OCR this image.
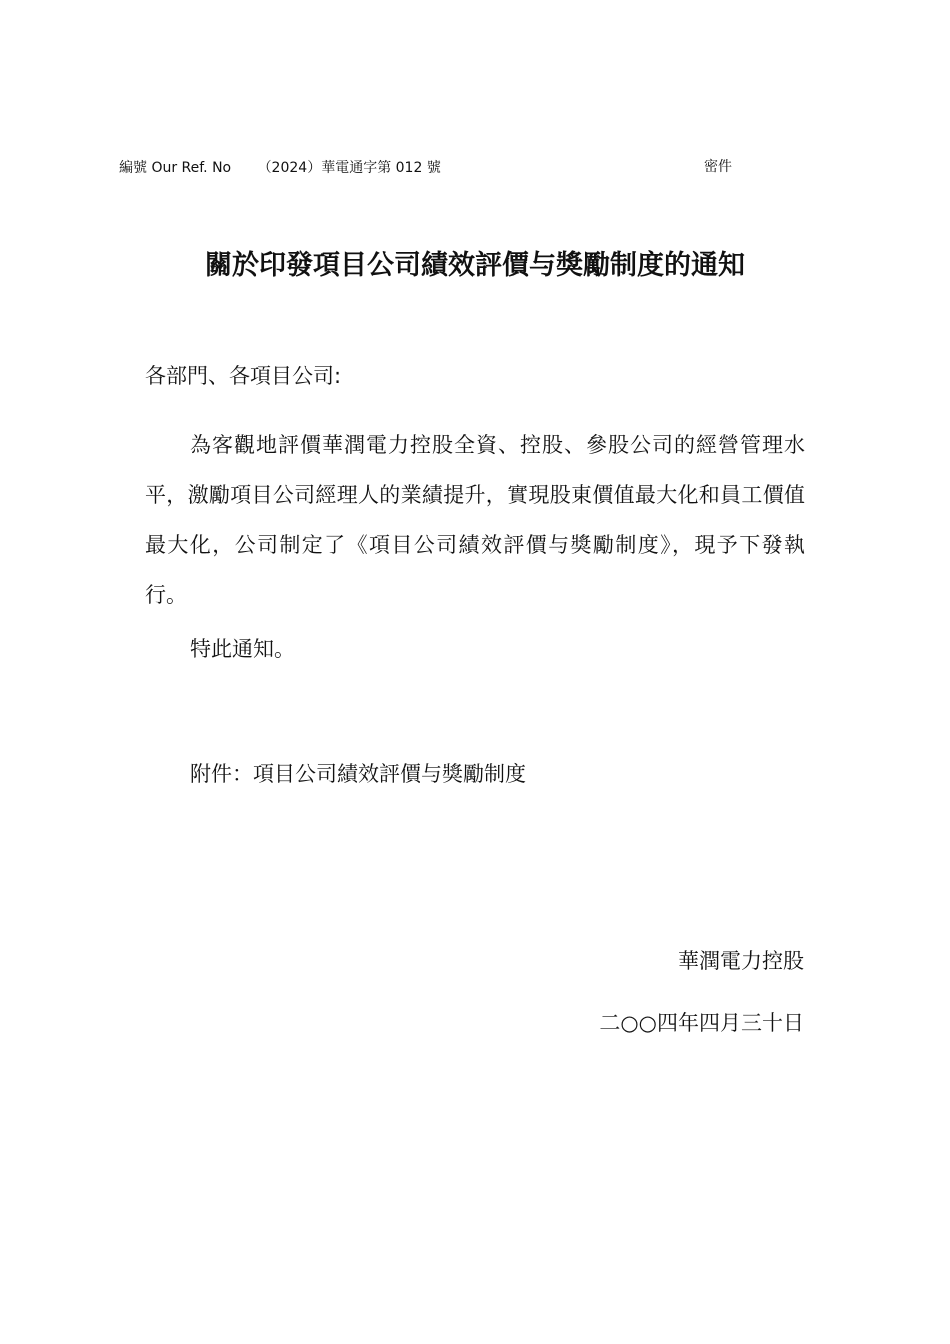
編號 Our Ref. No （2024）華電通字第 012 號	密件
關於印發項目公司績效評價与獎勵制度的通知
各部門、各項目公司:
為客觀地評價華潤電力控股全資、控股、參股公司的經營管理水平，激勵項目公司經理人的業績提升，實現股東價值最大化和員工價值最大化，公司制定了《項目公司績效評價与獎勵制度》，現予下發執行。
特此通知。
附件：項目公司績效評價与獎勵制度
華潤電力控股
二○○四年四月三十日
